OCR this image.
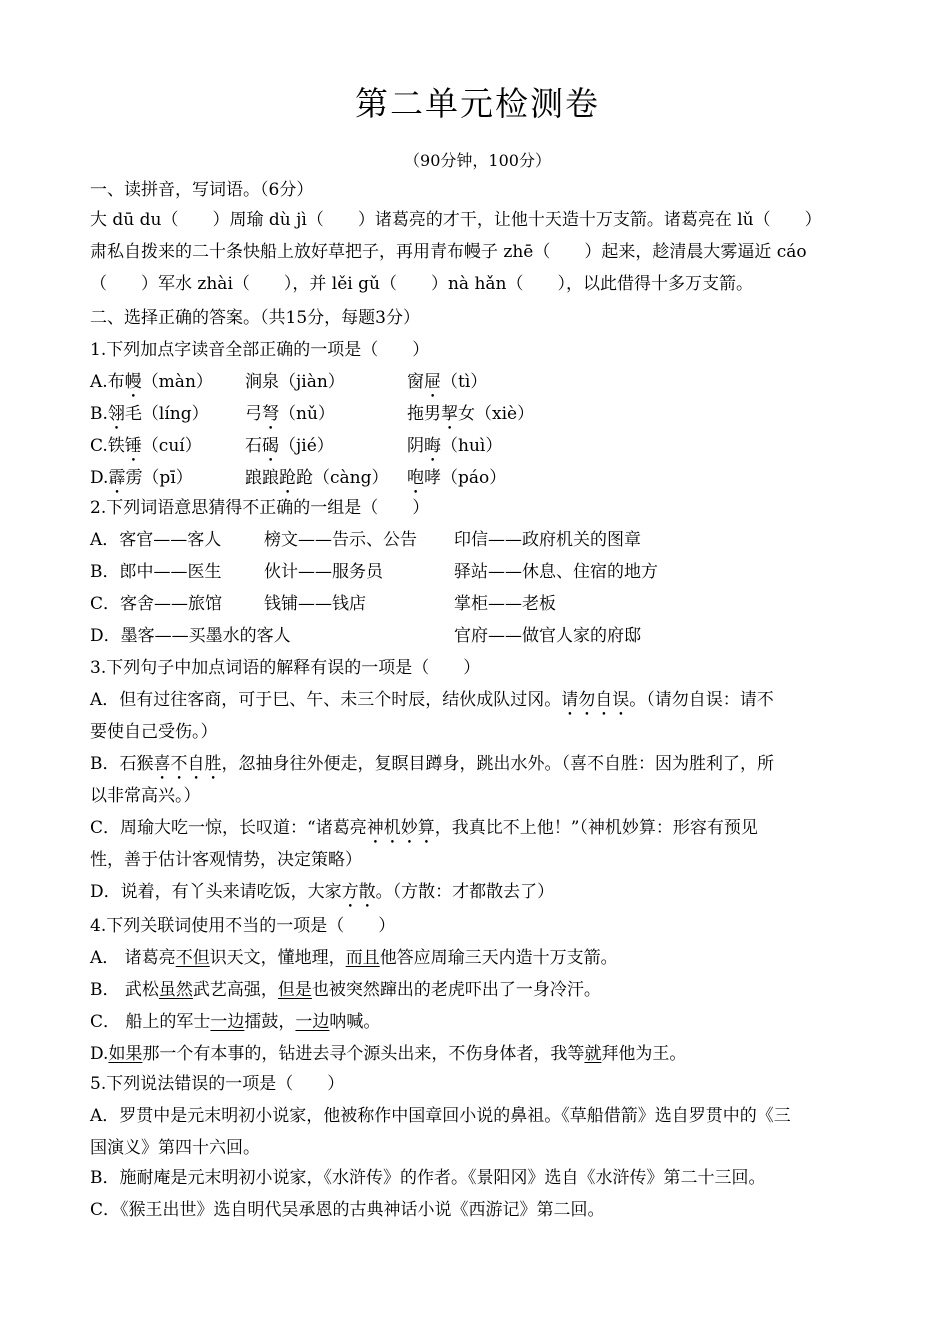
第二单元检测卷
（90分钟，100分）
一、读拼音，写词语。（6分）
大 dū du（　　）周瑜 dù jì（　　）诸葛亮的才干，让他十天造十万支箭。诸葛亮在 lǔ（　　）
肃私自拨来的二十条快船上放好草把子，再用青布幔子 zhē（　　）起来，趁清晨大雾逼近 cáo
（　　）军水 zhài（　　），并 lěi gǔ（　　）nà hǎn（　　），以此借得十多万支箭。
二、选择正确的答案。（共15分，每题3分）
1.下列加点字读音全部正确的一项是（　　）
A.布幔（màn） 涧泉（jiàn）	窗屉（tì）
B.翎毛（líng） 弓弩（nǔ）	拖男挈女（xiè）
C.铁锤（cuí）	石碣（jié）	阴晦（huì）
D.霹雳（pī）	踉踉跄跄（càng） 咆哮（páo）
2.下列词语意思猜得不正确的一组是（　　）
A．客官——客人	榜文——告示、公告 印信——政府机关的图章
B．郎中——医生	伙计——服务员	驿站——休息、住宿的地方
C．客舍——旅馆 钱铺——钱店	掌柜——老板
D．墨客——买墨水的客人	官府——做官人家的府邸
3.下列句子中加点词语的解释有误的一项是（　　）
A．但有过往客商，可于巳、午、未三个时辰，结伙成队过冈。请勿自误。（请勿自误：请不
要使自己受伤。）
B．石猴喜不自胜，忽抽身往外便走，复瞑目蹲身，跳出水外。（喜不自胜：因为胜利了，所
以非常高兴。）
C．周瑜大吃一惊，长叹道：“诸葛亮神机妙算，我真比不上他！”（神机妙算：形容有预见
性，善于估计客观情势，决定策略）
D．说着，有丫头来请吃饭，大家方散。（方散：才都散去了）
4.下列关联词使用不当的一项是（　　）
A． 诸葛亮不但识天文，懂地理，而且他答应周瑜三天内造十万支箭。
B． 武松虽然武艺高强，但是也被突然蹿出的老虎吓出了一身冷汗。
C． 船上的军士一边擂鼓，一边呐喊。
D.如果那一个有本事的，钻进去寻个源头出来，不伤身体者，我等就拜他为王。
5.下列说法错误的一项是（　　）
A．罗贯中是元末明初小说家，他被称作中国章回小说的鼻祖。《草船借箭》选自罗贯中的《三
国演义》第四十六回。
B．施耐庵是元末明初小说家，《水浒传》的作者。《景阳冈》选自《水浒传》第二十三回。
C．《猴王出世》选自明代吴承恩的古典神话小说《西游记》第二回。
